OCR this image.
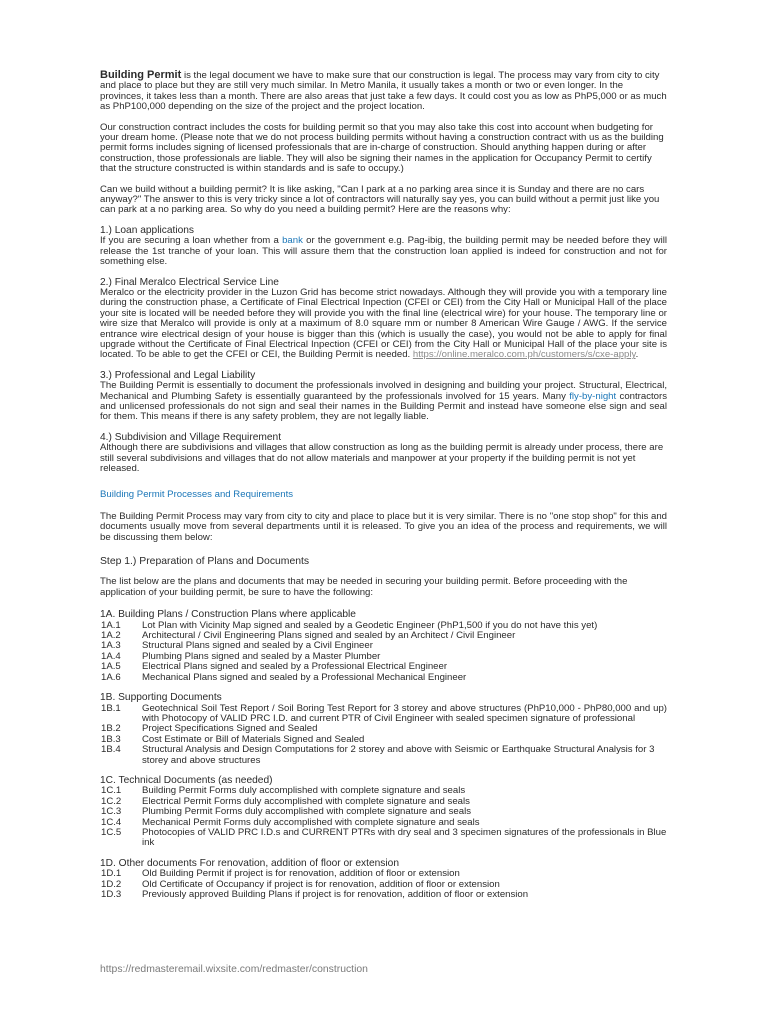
Building Permit is the legal document we have to make sure that our construction is legal. The process may vary from city to city and place to place but they are still very much similar. In Metro Manila, it usually takes a month or two or even longer. In the provinces, it takes less than a month. There are also areas that just take a few days. It could cost you as low as PhP5,000 or as much as PhP100,000 depending on the size of the project and the project location.

Our construction contract includes the costs for building permit so that you may also take this cost into account when budgeting for your dream home. (Please note that we do not process building permits without having a construction contract with us as the building permit forms includes signing of licensed professionals that are in-charge of construction. Should anything happen during or after construction, those professionals are liable. They will also be signing their names in the application for Occupancy Permit to certify that the structure constructed is within standards and is safe to occupy.)

Can we build without a building permit? It is like asking, "Can I park at a no parking area since it is Sunday and there are no cars anyway?" The answer to this is very tricky since a lot of contractors will naturally say yes, you can build without a permit just like you can park at a no parking area. So why do you need a building permit? Here are the reasons why:

1.) Loan applications

If you are securing a loan whether from a bank or the government e.g. Pag-ibig, the building permit may be needed before they will release the 1st tranche of your loan. This will assure them that the construction loan applied is indeed for construction and not for something else.

2.) Final Meralco Electrical Service Line

Meralco or the electricity provider in the Luzon Grid has become strict nowadays. Although they will provide you with a temporary line during the construction phase, a Certificate of Final Electrical Inpection (CFEI or CEI) from the City Hall or Municipal Hall of the place your site is located will be needed before they will provide you with the final line (electrical wire) for your house. The temporary line or wire size that Meralco will provide is only at a maximum of 8.0 square mm or number 8 American Wire Gauge / AWG. If the service entrance wire electrical design of your house is bigger than this (which is usually the case), you would not be able to apply for final upgrade without the Certificate of Final Electrical Inpection (CFEI or CEI) from the City Hall or Municipal Hall of the place your site is located. To be able to get the CFEI or CEI, the Building Permit is needed. https://online.meralco.com.ph/customers/s/cxe-apply.

3.) Professional and Legal Liability

The Building Permit is essentially to document the professionals involved in designing and building your project. Structural, Electrical, Mechanical and Plumbing Safety is essentially guaranteed by the professionals involved for 15 years. Many fly-by-night contractors and unlicensed professionals do not sign and seal their names in the Building Permit and instead have someone else sign and seal for them. This means if there is any safety problem, they are not legally liable.

4.) Subdivision and Village Requirement

Although there are subdivisions and villages that allow construction as long as the building permit is already under process, there are still several subdivisions and villages that do not allow materials and manpower at your property if the building permit is not yet released.

Building Permit Processes and Requirements

The Building Permit Process may vary from city to city and place to place but it is very similar. There is no "one stop shop" for this and documents usually move from several departments until it is released. To give you an idea of the process and requirements, we will be discussing them below:

Step 1.) Preparation of Plans and Documents

The list below are the plans and documents that may be needed in securing your building permit. Before proceeding with the application of your building permit, be sure to have the following:

1A. Building Plans / Construction Plans where applicable

1A.1	Lot Plan with Vicinity Map signed and sealed by a Geodetic Engineer (PhP1,500 if you do not have this yet)
1A.2	Architectural / Civil Engineering Plans signed and sealed by an Architect / Civil Engineer
1A.3	Structural Plans signed and sealed by a Civil Engineer
1A.4	Plumbing Plans signed and sealed by a Master Plumber
1A.5	Electrical Plans signed and sealed by a Professional Electrical Engineer
1A.6	Mechanical Plans signed and sealed by a Professional Mechanical Engineer

1B. Supporting Documents

1B.1	Geotechnical Soil Test Report / Soil Boring Test Report for 3 storey and above structures (PhP10,000 - PhP80,000 and up) with Photocopy of VALID PRC I.D. and current PTR of Civil Engineer with sealed specimen signature of professional
1B.2	Project Specifications Signed and Sealed
1B.3	Cost Estimate or Bill of Materials Signed and Sealed
1B.4	Structural Analysis and Design Computations for 2 storey and above with Seismic or Earthquake Structural Analysis for 3 storey and above structures

1C. Technical Documents (as needed)

1C.1	Building Permit Forms duly accomplished with complete signature and seals
1C.2	Electrical Permit Forms duly accomplished with complete signature and seals
1C.3	Plumbing Permit Forms duly accomplished with complete signature and seals
1C.4	Mechanical Permit Forms duly accomplished with complete signature and seals
1C.5	Photocopies of VALID PRC I.D.s and CURRENT PTRs with dry seal and 3 specimen signatures of the professionals in Blue ink

1D. Other documents For renovation, addition of floor or extension

1D.1	Old Building Permit if project is for renovation, addition of floor or extension
1D.2	Old Certificate of Occupancy if project is for renovation, addition of floor or extension
1D.3	Previously approved Building Plans if project is for renovation, addition of floor or extension
https://redmasteremail.wixsite.com/redmaster/construction
